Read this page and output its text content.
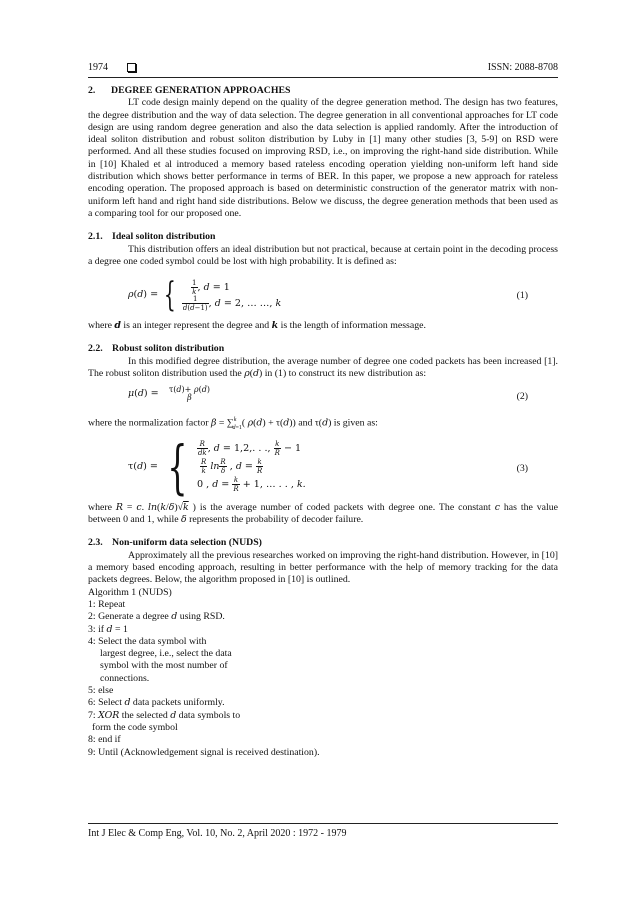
1974	ISSN: 2088-8708
2. DEGREE GENERATION APPROACHES

LT code design mainly depend on the quality of the degree generation method. The design has two features, the degree distribution and the way of data selection. The degree generation in all conventional approaches for LT code design are using random degree generation and also the data selection is applied randomly. After the introduction of ideal soliton distribution and robust soliton distribution by Luby in [1] many other studies [3, 5-9] on RSD were performed. And all these studies focused on improving RSD, i.e., on improving the right-hand side distribution. While in [10] Khaled et al introduced a memory based rateless encoding operation yielding non-uniform left hand side distribution which shows better performance in terms of BER. In this paper, we propose a new approach for rateless encoding operation. The proposed approach is based on deterministic construction of the generator matrix with non-uniform left hand and right hand side distributions. Below we discuss, the degree generation methods that been used as a comparing tool for our proposed one.

2.1. Ideal soliton distribution

This distribution offers an ideal distribution but not practical, because at certain point in the decoding process a degree one coded symbol could be lost with high probability. It is defined as:

ρ(d) = {
$\frac{1}{k}$ , d = 1
$\frac{1}{d(d-1)}$ , d = 2, … …, k
(1)

where d is an integer represent the degree and k is the length of information message.

2.2. Robust soliton distribution

In this modified degree distribution, the average number of degree one coded packets has been increased [1]. The robust soliton distribution used the ρ(d) in (1) to construct its new distribution as:

μ(d) = τ(d)+ ρ(d)
β	(2)

where the normalization factor β = ∑$^k_{d=1}$( ρ(d) + τ(d)) and τ(d) is given as:

τ(d) = { $\frac{R}{dk}$ , d = 1,2,. . ., $\frac{k}{R} - 1$

$\frac{R}{k}$ $\ln \frac{R}{\delta}$ , $d = \frac{k}{R}$
0 , $d = \frac{k}{R} + 1$, … . . , k.
(3)

where R = c. ln(k/δ)√k ) is the average number of coded packets with degree one. The constant c has the value between 0 and 1, while δ represents the probability of decoder failure.

2.3. Non-uniform data selection (NUDS)

Approximately all the previous researches worked on improving the right-hand distribution. However, in [10] a memory based encoding approach, resulting in better performance with the help of memory tracking for the data packets degrees. Below, the algorithm proposed in [10] is outlined.

Algorithm 1 (NUDS)
1: Repeat
2: Generate a degree d using RSD.
3: if d = 1
4: Select the data symbol with
largest degree, i.e., select the data
symbol with the most number of
connections.
5: else
6: Select d data packets uniformly.
7: XOR the selected d data symbols to
form the code symbol
8: end if
9: Until (Acknowledgement signal is received destination).
Int J Elec & Comp Eng, Vol. 10, No. 2, April 2020 : 1972 - 1979
